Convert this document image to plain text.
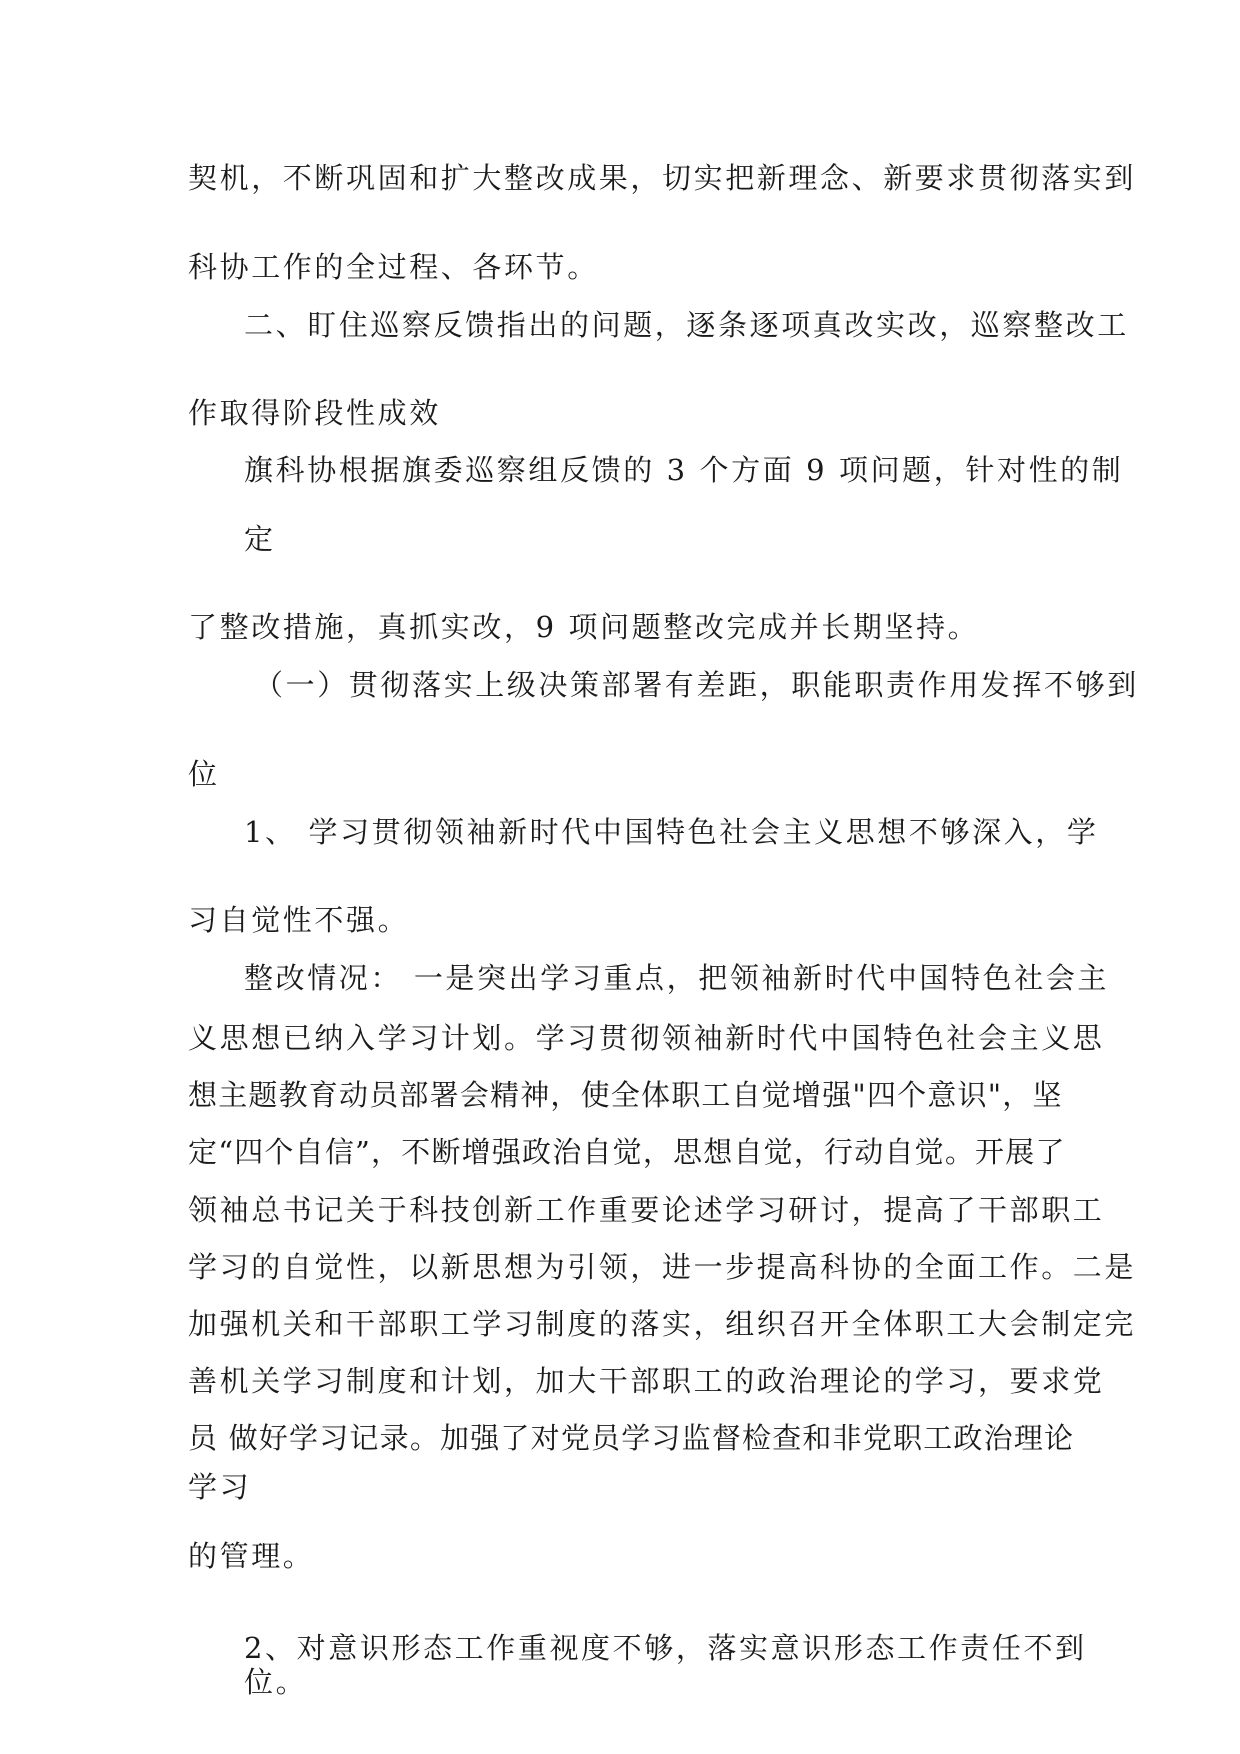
契机，不断巩固和扩大整改成果，切实把新理念、新要求贯彻落实到
科协工作的全过程、各环节。
二、盯住巡察反馈指出的问题，逐条逐项真改实改，巡察整改工
作取得阶段性成效
旗科协根据旗委巡察组反馈的 3 个方面 9 项问题，针对性的制
定
了整改措施，真抓实改，9 项问题整改完成并长期坚持。
（一）贯彻落实上级决策部署有差距，职能职责作用发挥不够到
位
1、 学习贯彻领袖新时代中国特色社会主义思想不够深入，学
习自觉性不强。
整改情况： 一是突出学习重点，把领袖新时代中国特色社会主
义思想已纳入学习计划。学习贯彻领袖新时代中国特色社会主义思
想主题教育动员部署会精神，使全体职工自觉增强"四个意识"，坚
定“四个自信”，不断增强政治自觉，思想自觉，行动自觉。开展了
领袖总书记关于科技创新工作重要论述学习研讨，提高了干部职工
学习的自觉性，以新思想为引领，进一步提高科协的全面工作。二是
加强机关和干部职工学习制度的落实，组织召开全体职工大会制定完
善机关学习制度和计划，加大干部职工的政治理论的学习，要求党
员 做好学习记录。加强了对党员学习监督检查和非党职工政治理论
学习
的管理。
2、对意识形态工作重视度不够，落实意识形态工作责任不到
位。
